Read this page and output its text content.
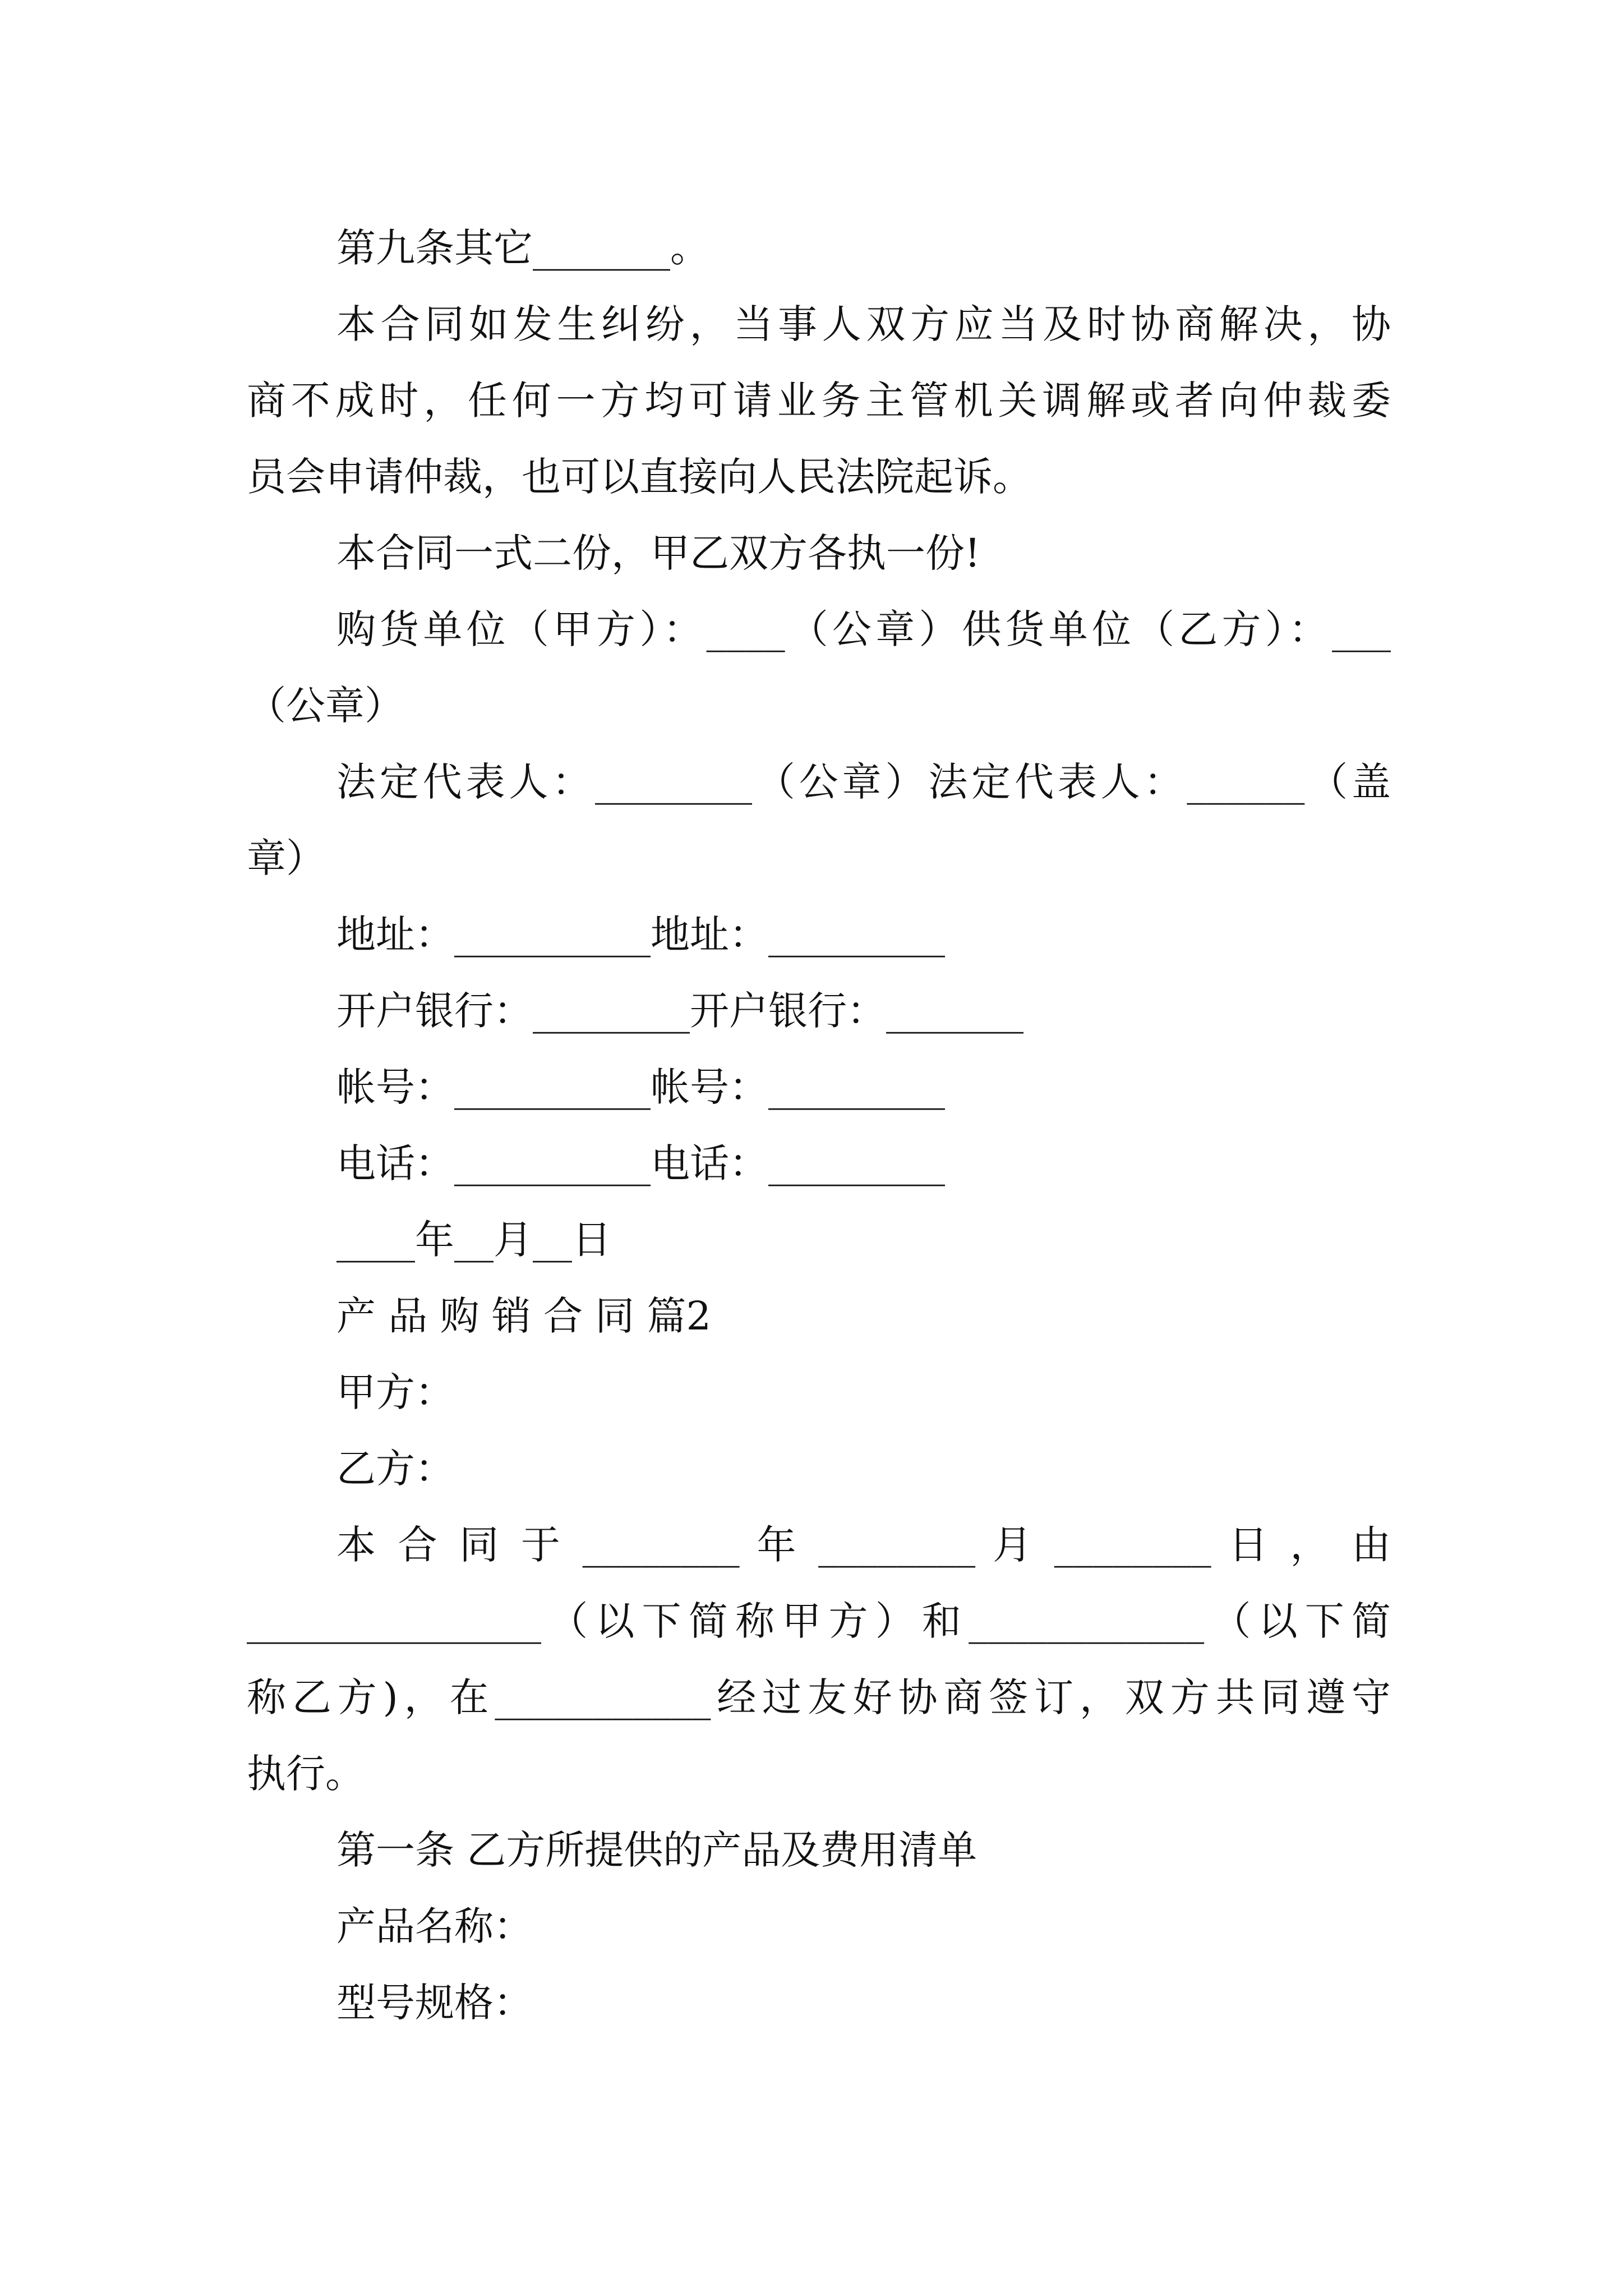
第九条其它_______。
本合同如发生纠纷，当事人双方应当及时协商解决，协
商不成时，任何一方均可请业务主管机关调解或者向仲裁委
员会申请仲裁，也可以直接向人民法院起诉。
本合同一式二份，甲乙双方各执一份!
购货单位（甲方）：____（公章）供货单位（乙方）：___
（公章）
法定代表人：________（公章）法定代表人：______（盖
章）
地址：__________地址：_________
开户银行：________开户银行：_______
帐号：__________帐号：_________
电话：__________电话：_________
____年__月__日
产 品 购 销 合 同 篇2
甲方：
乙方：
本 合 同 于 ________ 年 ________ 月 ________ 日 ， 由
_______________（以下简称甲方）和____________（以下简
称乙方)，在___________经过友好协商签订，双方共同遵守
执行。
第一条 乙方所提供的产品及费用清单
产品名称：
型号规格：
